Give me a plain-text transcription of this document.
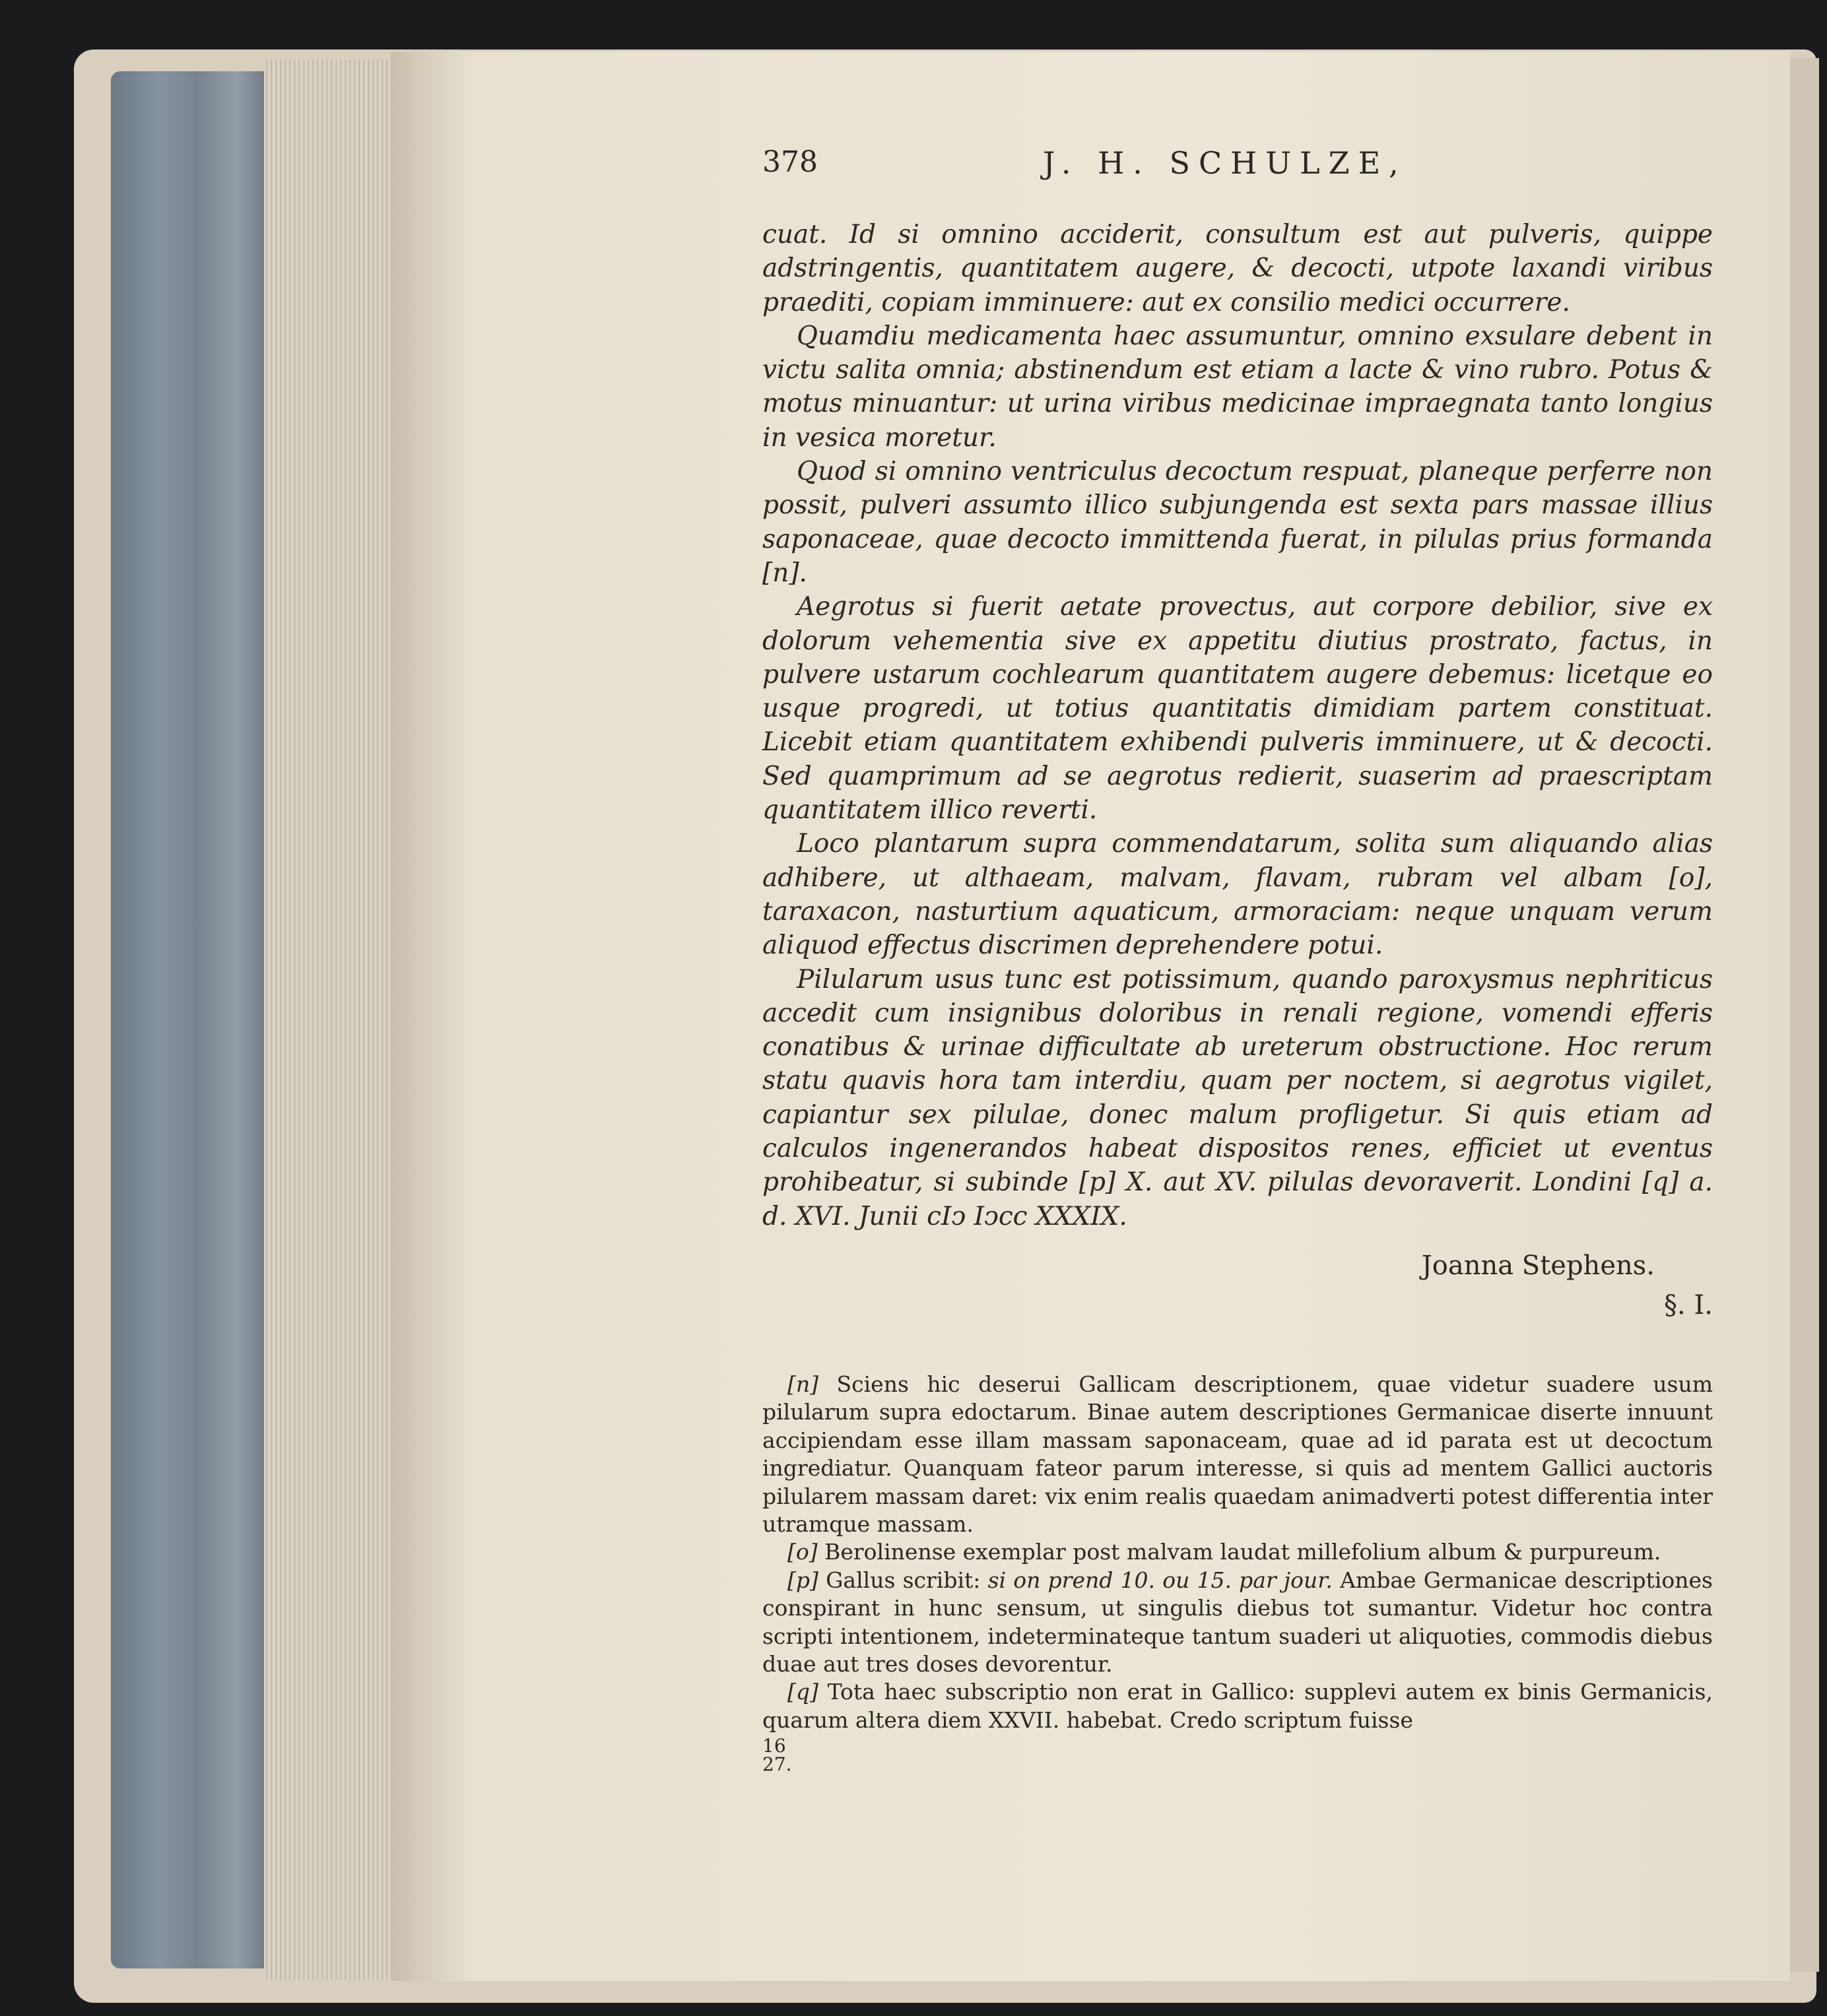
378	J. H. SCHULZE,

cuat. Id si omnino acciderit, consultum est aut pulveris, quippe adstringentis, quantitatem augere, & decocti, utpote laxandi viribus praediti, copiam imminuere: aut ex consilio medici occurrere.

Quamdiu medicamenta haec assumuntur, omnino exsulare debent in victu salita omnia; abstinendum est etiam a lacte & vino rubro. Potus & motus minuantur: ut urina viribus medicinae impraegnata tanto longius in vesica moretur.

Quod si omnino ventriculus decoctum respuat, planeque perferre non possit, pulveri assumto illico subjungenda est sexta pars massae illius saponaceae, quae decocto immittenda fuerat, in pilulas prius formanda [n].

Aegrotus si fuerit aetate provectus, aut corpore debilior, sive ex dolorum vehementia sive ex appetitu diutius prostrato, factus, in pulvere ustarum cochlearum quantitatem augere debemus: licetque eo usque progredi, ut totius quantitatis dimidiam partem constituat. Licebit etiam quantitatem exhibendi pulveris imminuere, ut & decocti. Sed quamprimum ad se aegrotus redierit, suaserim ad praescriptam quantitatem illico reverti.

Loco plantarum supra commendatarum, solita sum aliquando alias adhibere, ut althaeam, malvam, flavam, rubram vel albam [o], taraxacon, nasturtium aquaticum, armoraciam: neque unquam verum aliquod effectus discrimen deprehendere potui.

Pilularum usus tunc est potissimum, quando paroxysmus nephriticus accedit cum insignibus doloribus in renali regione, vomendi efferis conatibus & urinae difficultate ab ureterum obstructione. Hoc rerum statu quavis hora tam interdiu, quam per noctem, si aegrotus vigilet, capiantur sex pilulae, donec malum profligetur. Si quis etiam ad calculos ingenerandos habeat dispositos renes, efficiet ut eventus prohibeatur, si subinde [p] X. aut XV. pilulas devoraverit. Londini [q] a. d. XVI. Junii cIↄ Iↄcc XXXIX.

Joanna Stephens.
§. I.

[n] Sciens hic deserui Gallicam descriptionem, quae videtur suadere usum pilularum supra edoctarum. Binae autem descriptiones Germanicae diserte innuunt accipiendam esse illam massam saponaceam, quae ad id parata est ut decoctum ingrediatur. Quanquam fateor parum interesse, si quis ad mentem Gallici auctoris pilularem massam daret: vix enim realis quaedam animadverti potest differentia inter utramque massam.

[o] Berolinense exemplar post malvam laudat millefolium album & purpureum.

[p] Gallus scribit: si on prend 10. ou 15. par jour. Ambae Germanicae descriptiones conspirant in hunc sensum, ut singulis diebus tot sumantur. Videtur hoc contra scripti intentionem, indeterminateque tantum suaderi ut aliquoties, commodis diebus duae aut tres doses devorentur.

[q] Tota haec subscriptio non erat in Gallico: supplevi autem ex binis Germanicis, quarum altera diem XXVII. habebat. Credo scriptum fuisse

16
27.
